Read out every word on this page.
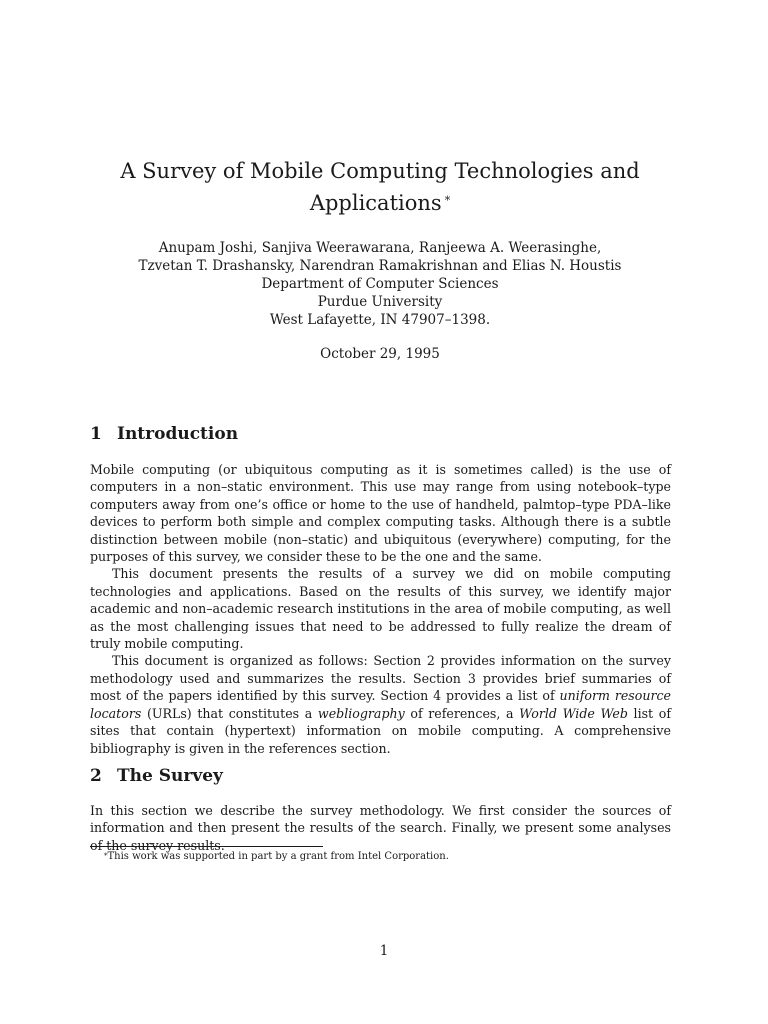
A Survey of Mobile Computing Technologies and
Applications *
Anupam Joshi, Sanjiva Weerawarana, Ranjeewa A. Weerasinghe,
Tzvetan T. Drashansky, Narendran Ramakrishnan and Elias N. Houstis
Department of Computer Sciences
Purdue University
West Lafayette, IN 47907–1398.
October 29, 1995
1 Introduction

Mobile computing (or ubiquitous computing as it is sometimes called) is the use of computers in a non–static environment. This use may range from using notebook–type computers away from one’s office or home to the use of handheld, palmtop–type PDA–like devices to perform both simple and complex computing tasks. Although there is a subtle distinction between mobile (non–static) and ubiquitous (everywhere) computing, for the purposes of this survey, we consider these to be the one and the same.

This document presents the results of a survey we did on mobile computing technologies and applications. Based on the results of this survey, we identify major academic and non–academic research institutions in the area of mobile computing, as well as the most challenging issues that need to be addressed to fully realize the dream of truly mobile computing.

This document is organized as follows: Section 2 provides information on the survey methodology used and summarizes the results. Section 3 provides brief summaries of most of the papers identified by this survey. Section 4 provides a list of uniform resource locators (URLs) that constitutes a webliography of references, a World Wide Web list of sites that contain (hypertext) information on mobile computing. A comprehensive bibliography is given in the references section.

2 The Survey

In this section we describe the survey methodology. We first consider the sources of information and then present the results of the search. Finally, we present some analyses of the survey results.

*This work was supported in part by a grant from Intel Corporation.
1
